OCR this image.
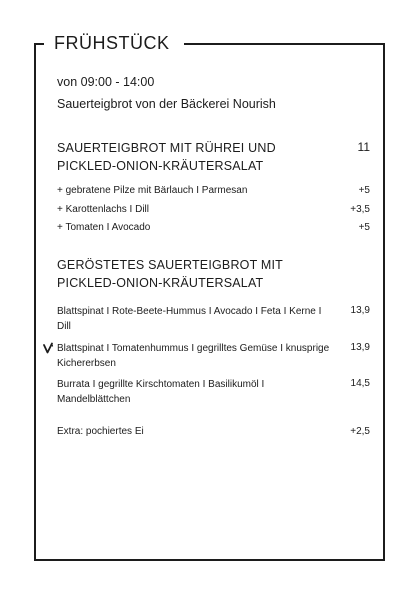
FRÜHSTÜCK
von 09:00 - 14:00
Sauerteigbrot von der Bäckerei Nourish
SAUERTEIGBROT MIT RÜHREI UND PICKLED-ONION-KRÄUTERSALAT
11
+ gebratene Pilze mit Bärlauch I Parmesan	+5
+ Karottenlachs I Dill	+3,5
+ Tomaten I Avocado	+5
GERÖSTETES SAUERTEIGBROT MIT PICKLED-ONION-KRÄUTERSALAT
Blattspinat I Rote-Beete-Hummus I Avocado I Feta I Kerne I Dill
13,9
Blattspinat I Tomatenhummus I gegrilltes Gemüse I knusprige Kichererbsen
13,9
Burrata I gegrillte Kirschtomaten I Basilikumöl I Mandelblättchen
14,5
Extra: pochiertes Ei	+2,5
